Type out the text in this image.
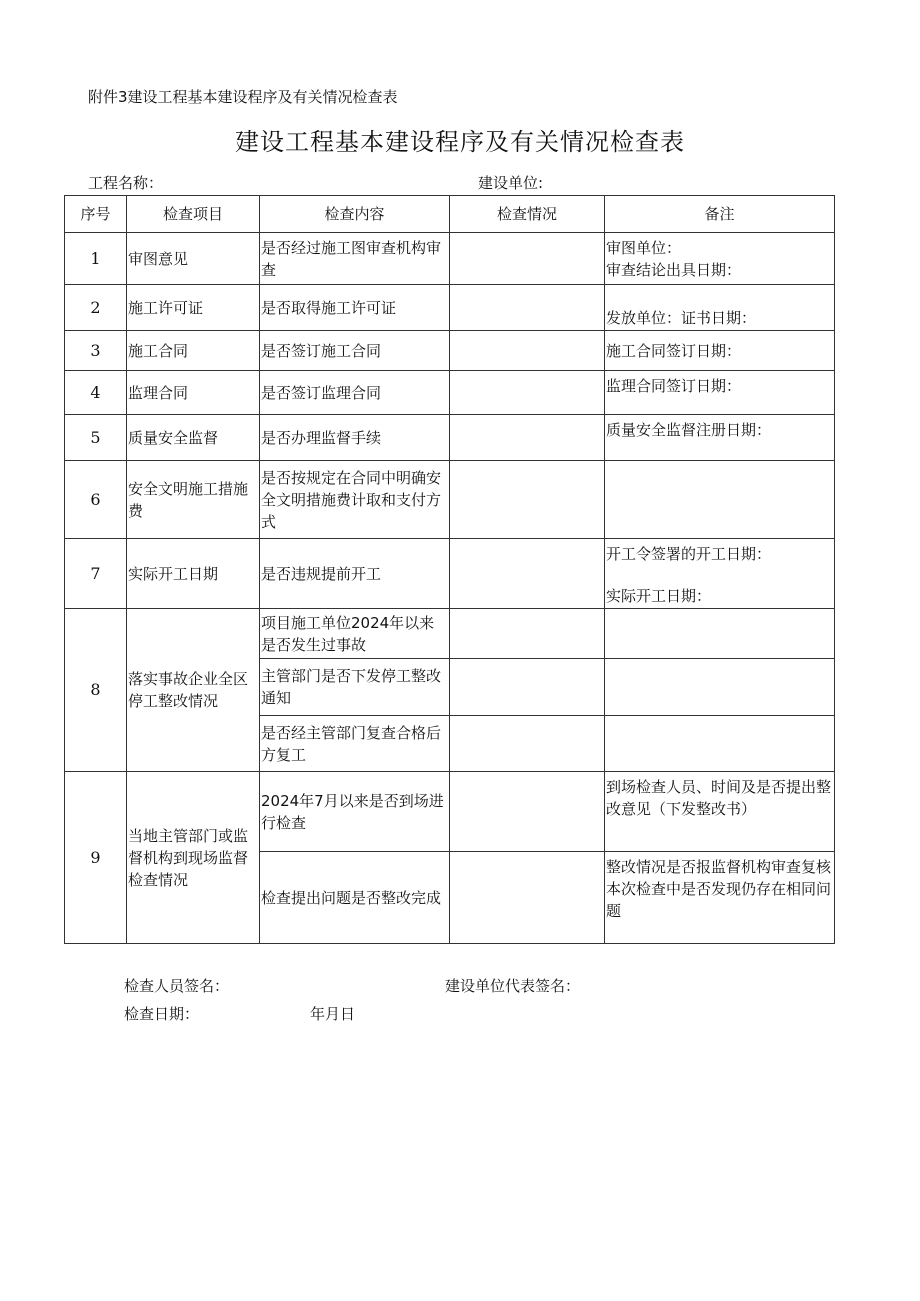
附件3建设工程基本建设程序及有关情况检查表
建设工程基本建设程序及有关情况检查表
工程名称：	建设单位:
序号	检查项目	检查内容	检查情况	备注
1	审图意见	是否经过施工图审查机构审查		审图单位：
审查结论出具日期：

2	施工许可证	是否取得施工许可证		发放单位：证书日期：

3	施工合同	是否签订施工合同		施工合同签订日期：
4	监理合同	是否签订监理合同		监理合同签订日期：
5	质量安全监督	是否办理监督手续		质量安全监督注册日期：
6	安全文明施工措施费	是否按规定在合同中明确安全文明措施费计取和支付方式		
7	实际开工日期	是否违规提前开工		开工令签署的开工日期：
实际开工日期：

8	落实事故企业全区停工整改情况	项目施工单位2024年以来是否发生过事故		
		主管部门是否下发停工整改通知		
		是否经主管部门复查合格后方复工		
9	当地主管部门或监督机构到现场监督检查情况	2024年7月以来是否到场进行检查		到场检查人员、时间及是否提出整改意见（下发整改书）
		检查提出问题是否整改完成		整改情况是否报监督机构审查复核
本次检查中是否发现仍存在相同问题
检查人员签名：	建设单位代表签名：
检查日期：	年月日
